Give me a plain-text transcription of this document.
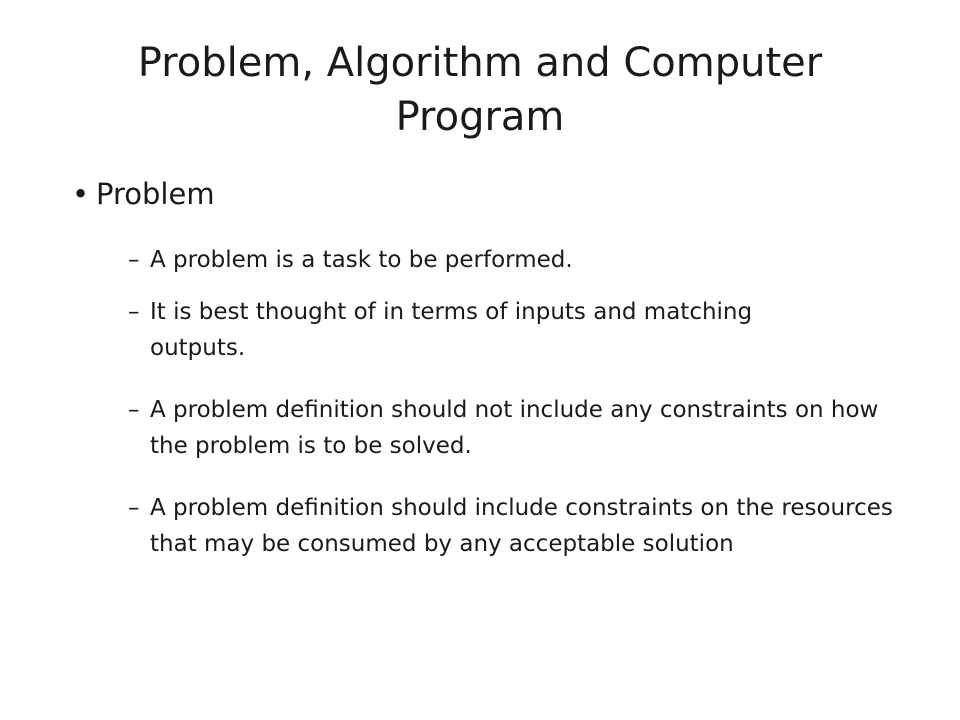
Problem, Algorithm and Computer Program
• Problem
– A problem is a task to be performed.
– It is best thought of in terms of inputs and matching outputs.
– A problem definition should not include any constraints on how the problem is to be solved.
– A problem definition should include constraints on the resources that may be consumed by any acceptable solution
